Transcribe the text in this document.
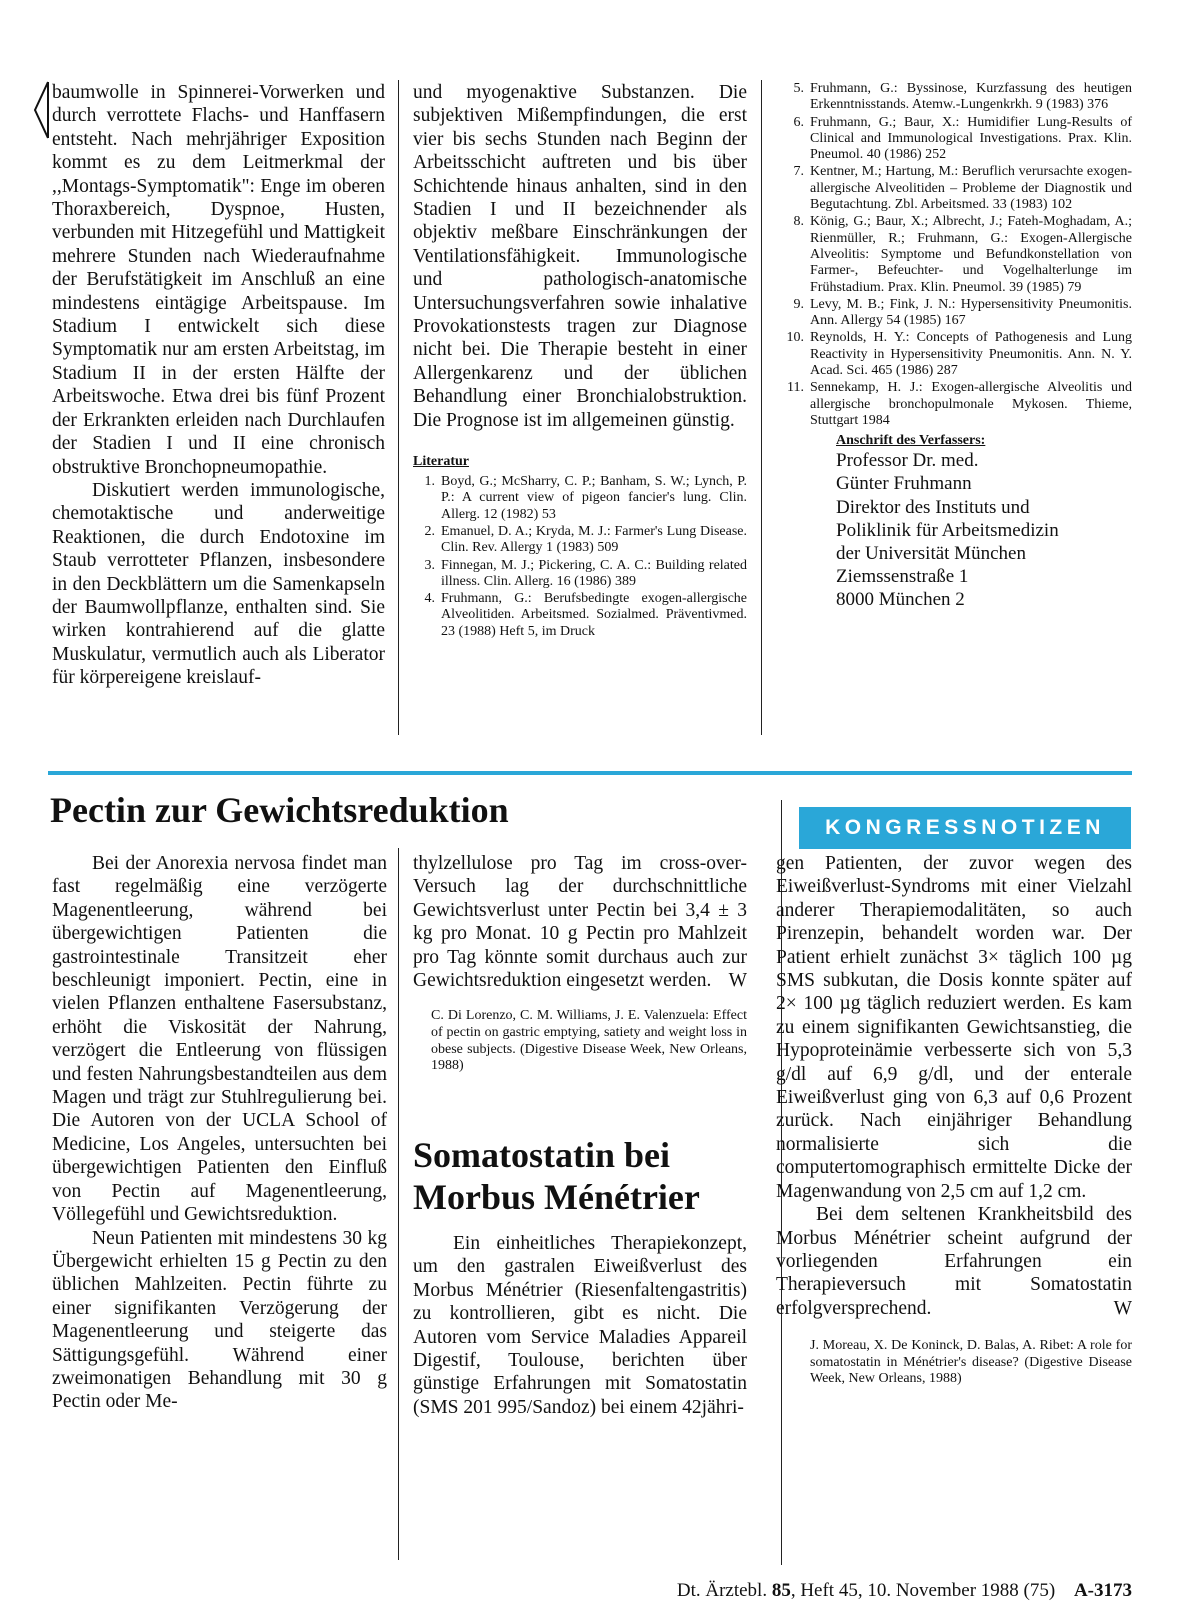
baumwolle in Spinnerei-Vorwerken und durch verrottete Flachs- und Hanffasern entsteht. Nach mehrjähriger Exposition kommt es zu dem Leitmerkmal der ,,Montags-Symptomatik": Enge im oberen Thoraxbereich, Dyspnoe, Husten, verbunden mit Hitzegefühl und Mattigkeit mehrere Stunden nach Wiederaufnahme der Berufstätigkeit im Anschluß an eine mindestens eintägige Arbeitspause. Im Stadium I entwickelt sich diese Symptomatik nur am ersten Arbeitstag, im Stadium II in der ersten Hälfte der Arbeitswoche. Etwa drei bis fünf Prozent der Erkrankten erleiden nach Durchlaufen der Stadien I und II eine chronisch obstruktive Bronchopneumopathie.

Diskutiert werden immunologische, chemotaktische und anderweitige Reaktionen, die durch Endotoxine im Staub verrotteter Pflanzen, insbesondere in den Deckblättern um die Samenkapseln der Baumwollpflanze, enthalten sind. Sie wirken kontrahierend auf die glatte Muskulatur, vermutlich auch als Liberator für körpereigene kreislauf-

und myogenaktive Substanzen. Die subjektiven Mißempfindungen, die erst vier bis sechs Stunden nach Beginn der Arbeitsschicht auftreten und bis über Schichtende hinaus anhalten, sind in den Stadien I und II bezeichnender als objektiv meßbare Einschränkungen der Ventilationsfähigkeit. Immunologische und pathologisch-anatomische Untersuchungsverfahren sowie inhalative Provokationstests tragen zur Diagnose nicht bei. Die Therapie besteht in einer Allergenkarenz und der üblichen Behandlung einer Bronchialobstruktion. Die Prognose ist im allgemeinen günstig.

Literatur
1. Boyd, G.; McSharry, C. P.; Banham, S. W.; Lynch, P. P.: A current view of pigeon fancier's lung. Clin. Allerg. 12 (1982) 53
2. Emanuel, D. A.; Kryda, M. J.: Farmer's Lung Disease. Clin. Rev. Allergy 1 (1983) 509
3. Finnegan, M. J.; Pickering, C. A. C.: Building related illness. Clin. Allerg. 16 (1986) 389
4. Fruhmann, G.: Berufsbedingte exogen-allergische Alveolitiden. Arbeitsmed. Sozialmed. Präventivmed. 23 (1988) Heft 5, im Druck
5. Fruhmann, G.: Byssinose, Kurzfassung des heutigen Erkenntnisstands. Atemw.-Lungenkrkh. 9 (1983) 376
6. Fruhmann, G.; Baur, X.: Humidifier Lung-Results of Clinical and Immunological Investigations. Prax. Klin. Pneumol. 40 (1986) 252
7. Kentner, M.; Hartung, M.: Beruflich verursachte exogen-allergische Alveolitiden – Probleme der Diagnostik und Begutachtung. Zbl. Arbeitsmed. 33 (1983) 102
8. König, G.; Baur, X.; Albrecht, J.; Fateh-Moghadam, A.; Rienmüller, R.; Fruhmann, G.: Exogen-Allergische Alveolitis: Symptome und Befundkonstellation von Farmer-, Befeuchter- und Vogelhalterlunge im Frühstadium. Prax. Klin. Pneumol. 39 (1985) 79
9. Levy, M. B.; Fink, J. N.: Hypersensitivity Pneumonitis. Ann. Allergy 54 (1985) 167
10. Reynolds, H. Y.: Concepts of Pathogenesis and Lung Reactivity in Hypersensitivity Pneumonitis. Ann. N. Y. Acad. Sci. 465 (1986) 287
11. Sennekamp, H. J.: Exogen-allergische Alveolitis und allergische bronchopulmonale Mykosen. Thieme, Stuttgart 1984
Anschrift des Verfassers:
Professor Dr. med.
Günter Fruhmann
Direktor des Instituts und
Poliklinik für Arbeitsmedizin
der Universität München
Ziemssenstraße 1
8000 München 2
KONGRESSNOTIZEN
Pectin zur Gewichtsreduktion

Bei der Anorexia nervosa findet man fast regelmäßig eine verzögerte Magenentleerung, während bei übergewichtigen Patienten die gastrointestinale Transitzeit eher beschleunigt imponiert. Pectin, eine in vielen Pflanzen enthaltene Fasersubstanz, erhöht die Viskosität der Nahrung, verzögert die Entleerung von flüssigen und festen Nahrungsbestandteilen aus dem Magen und trägt zur Stuhlregulierung bei. Die Autoren von der UCLA School of Medicine, Los Angeles, untersuchten bei übergewichtigen Patienten den Einfluß von Pectin auf Magenentleerung, Völlegefühl und Gewichtsreduktion.

Neun Patienten mit mindestens 30 kg Übergewicht erhielten 15 g Pectin zu den üblichen Mahlzeiten. Pectin führte zu einer signifikanten Verzögerung der Magenentleerung und steigerte das Sättigungsgefühl. Während einer zweimonatigen Behandlung mit 30 g Pectin oder Me-

thylzellulose pro Tag im cross-over-Versuch lag der durchschnittliche Gewichtsverlust unter Pectin bei 3,4 ± 3 kg pro Monat. 10 g Pectin pro Mahlzeit pro Tag könnte somit durchaus auch zur Gewichtsreduktion eingesetzt werden. W

C. Di Lorenzo, C. M. Williams, J. E. Valenzuela: Effect of pectin on gastric emptying, satiety and weight loss in obese subjects. (Digestive Disease Week, New Orleans, 1988)
Somatostatin bei
Morbus Ménétrier

Ein einheitliches Therapiekonzept, um den gastralen Eiweißverlust des Morbus Ménétrier (Riesenfaltengastritis) zu kontrollieren, gibt es nicht. Die Autoren vom Service Maladies Appareil Digestif, Toulouse, berichten über günstige Erfahrungen mit Somatostatin (SMS 201 995/Sandoz) bei einem 42jähri-

gen Patienten, der zuvor wegen des Eiweißverlust-Syndroms mit einer Vielzahl anderer Therapiemodalitäten, so auch Pirenzepin, behandelt worden war. Der Patient erhielt zunächst 3× täglich 100 µg SMS subkutan, die Dosis konnte später auf 2× 100 µg täglich reduziert werden. Es kam zu einem signifikanten Gewichtsanstieg, die Hypoproteinämie verbesserte sich von 5,3 g/dl auf 6,9 g/dl, und der enterale Eiweißverlust ging von 6,3 auf 0,6 Prozent zurück. Nach einjähriger Behandlung normalisierte sich die computertomographisch ermittelte Dicke der Magenwandung von 2,5 cm auf 1,2 cm.

Bei dem seltenen Krankheitsbild des Morbus Ménétrier scheint aufgrund der vorliegenden Erfahrungen ein Therapieversuch mit Somatostatin erfolgversprechend.	W

J. Moreau, X. De Koninck, D. Balas, A. Ribet: A role for somatostatin in Ménétrier's disease? (Digestive Disease Week, New Orleans, 1988)
Dt. Ärztebl. 85, Heft 45, 10. November 1988 (75) A-3173
